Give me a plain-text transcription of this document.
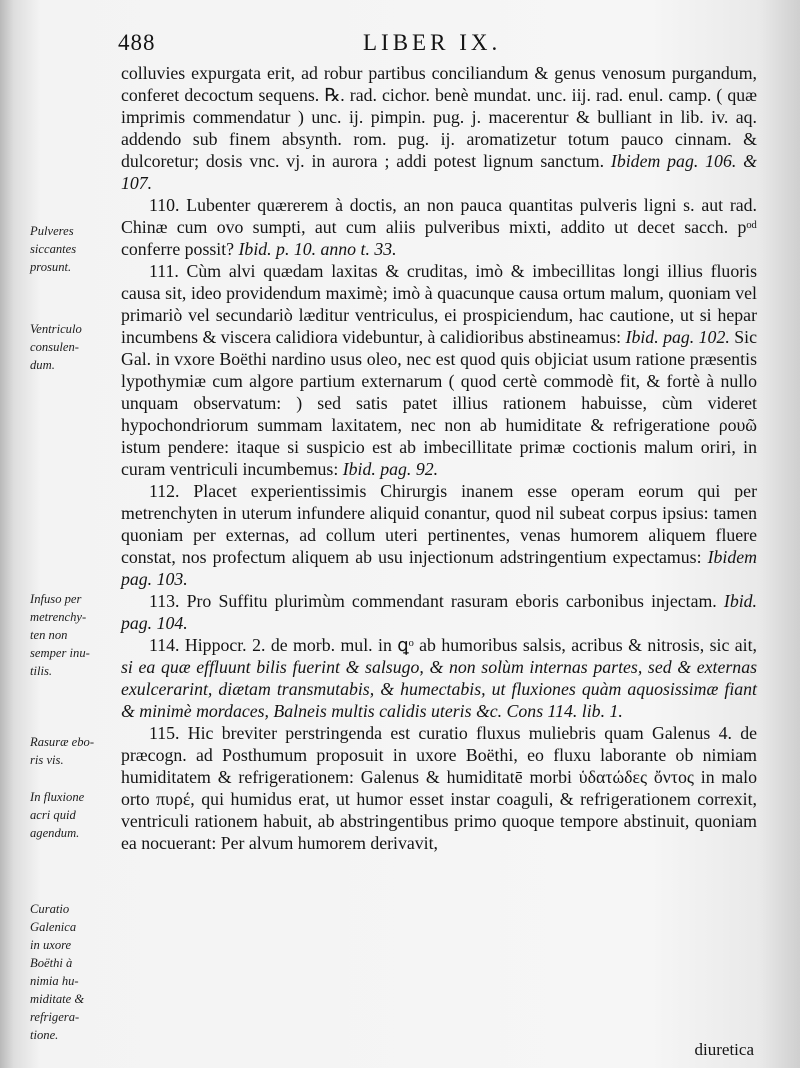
488	LIBER IX.
Pulveres
siccantes
prosunt.
Ventriculo
consulen-
dum.
Infuso per
metrenchy-
ten non
semper inu-
tilis.
Rasuræ ebo-
ris vis.
In fluxione
acri quid
agendum.
Curatio
Galenica
in uxore
Boëthi à
nimia hu-
miditate &
refrigera-
tione.

colluvies expurgata erit, ad robur partibus conciliandum & genus venosum purgandum, conferet decoctum sequens. ℞. rad. cichor. benè mundat. unc. iij. rad. enul. camp. ( quæ imprimis commendatur ) unc. ij. pimpin. pug. j. macerentur & bulliant in lib. iv. aq. addendo sub finem absynth. rom. pug. ij. aromatizetur totum pauco cinnam. & dulcoretur; dosis vnc. vj. in aurora ; addi potest lignum sanctum. Ibidem pag. 106. & 107.

110. Lubenter quærerem à doctis, an non pauca quantitas pulveris ligni s. aut rad. Chinæ cum ovo sumpti, aut cum aliis pulveribus mixti, addito ut decet sacch. pᵒᵈ conferre possit? Ibid. p. 10. anno t. 33.

111. Cùm alvi quædam laxitas & cruditas, imò & imbecillitas longi illius fluoris causa sit, ideo providendum maximè; imò à quacunque causa ortum malum, quoniam vel primariò vel secundariò læditur ventriculus, ei prospiciendum, hac cautione, ut si hepar incumbens & viscera calidiora videbuntur, à calidioribus abstineamus: Ibid. pag. 102. Sic Gal. in vxore Boëthi nardino usus oleo, nec est quod quis objiciat usum ratione præsentis lypothymiæ cum algore partium externarum ( quod certè commodè fit, & fortè à nullo unquam observatum: ) sed satis patet illius rationem habuisse, cùm videret hypochondriorum summam laxitatem, nec non ab humiditate & refrigeratione ρουῶ istum pendere: itaque si suspicio est ab imbecillitate primæ coctionis malum oriri, in curam ventriculi incumbemus: Ibid. pag. 92.

112. Placet experientissimis Chirurgis inanem esse operam eorum qui per metrenchyten in uterum infundere aliquid conantur, quod nil subeat corpus ipsius: tamen quoniam per externas, ad collum uteri pertinentes, venas humorem aliquem fluere constat, nos profectum aliquem ab usu injectionum adstringentium expectamus: Ibidem pag. 103.

113. Pro Suffitu plurimùm commendant rasuram eboris carbonibus injectam. Ibid. pag. 104.

114. Hippocr. 2. de morb. mul. in ꝗᵒ ab humoribus salsis, acribus & nitrosis, sic ait, si ea quæ effluunt bilis fuerint & salsugo, & non solùm internas partes, sed & externas exulcerarint, diætam transmutabis, & humectabis, ut fluxiones quàm aquosissimæ fiant & minimè mordaces, Balneis multis calidis uteris &c. Cons 114. lib. 1.

115. Hic breviter perstringenda est curatio fluxus muliebris quam Galenus 4. de præcogn. ad Posthumum proposuit in uxore Boëthi, eo fluxu laborante ob nimiam humiditatem & refrigerationem: Galenus & humiditatē morbi ὑδατώδες ὄντος in malo orto πυρέ, qui humidus erat, ut humor esset instar coaguli, & refrigerationem correxit, ventriculi rationem habuit, ab abstringentibus primo quoque tempore abstinuit, quoniam ea nocuerant: Per alvum humorem derivavit,

diuretica
